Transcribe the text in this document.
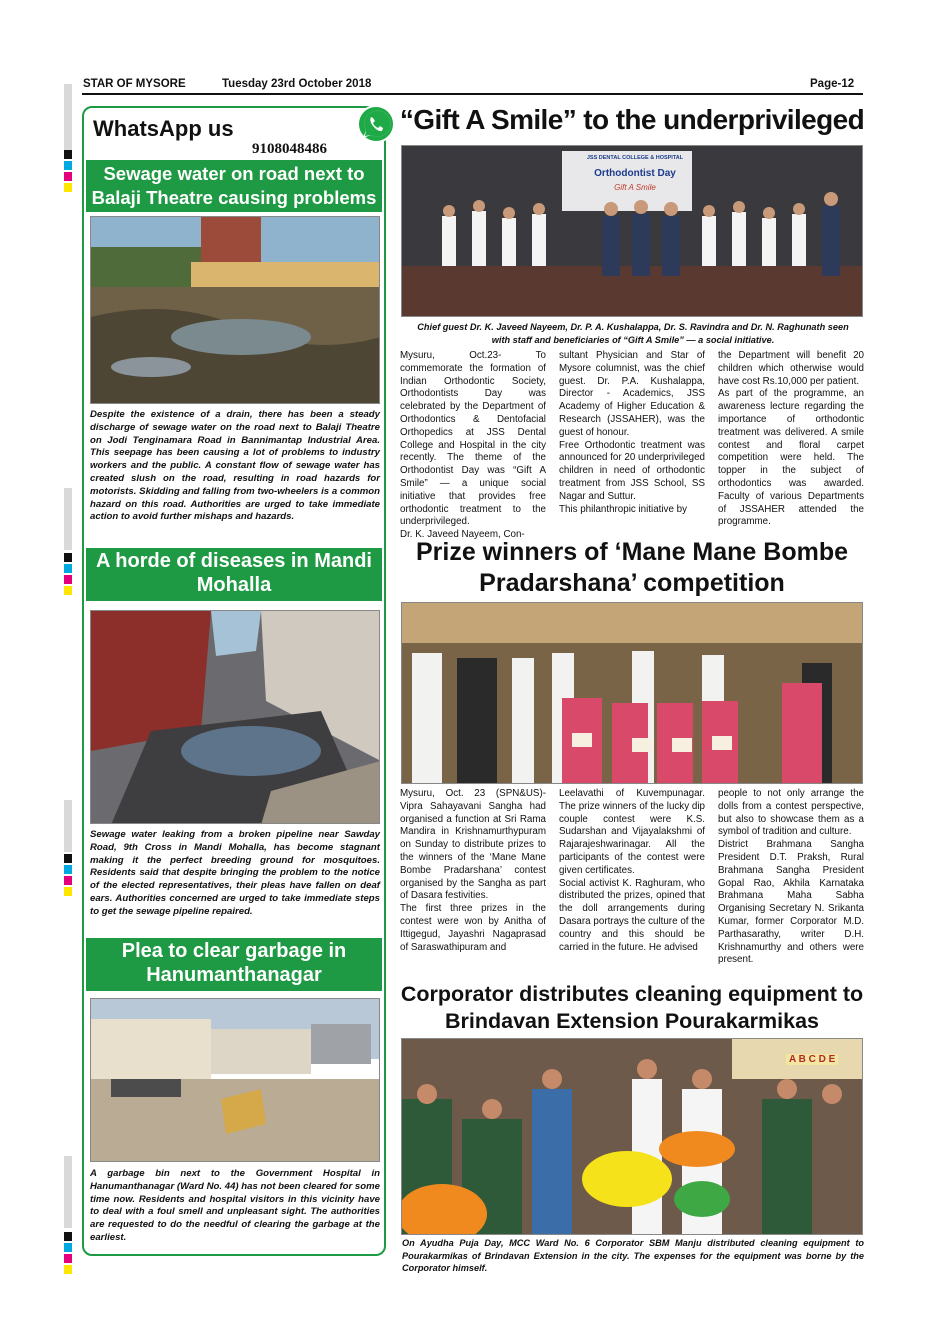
STAR OF MYSORE	Tuesday 23rd October 2018	Page-12
WhatsApp us
9108048486
Sewage water on road next to Balaji Theatre causing problems
Despite the existence of a drain, there has been a steady discharge of sewage water on the road next to Balaji Theatre on Jodi Tenginamara Road in Bannimantap Industrial Area. This seepage has been causing a lot of problems to industry workers and the public. A constant flow of sewage water has created slush on the road, resulting in road hazards for motorists. Skidding and falling from two-wheelers is a common hazard on this road. Authorities are urged to take immediate action to avoid further mishaps and hazards.
A horde of diseases in Mandi Mohalla
Sewage water leaking from a broken pipeline near Sawday Road, 9th Cross in Mandi Mohalla, has become stagnant making it the perfect breeding ground for mosquitoes. Residents said that despite bringing the problem to the notice of the elected representatives, their pleas have fallen on deaf ears. Authorities concerned are urged to take immediate steps to get the sewage pipeline repaired.
Plea to clear garbage in Hanumanthanagar
A garbage bin next to the Government Hospital in Hanumanthanagar (Ward No. 44) has not been cleared for some time now. Residents and hospital visitors in this vicinity have to deal with a foul smell and unpleasant sight. The authorities are requested to do the needful of clearing the garbage at the earliest.
“Gift A Smile” to the underprivileged
JSS DENTAL COLLEGE & HOSPITAL
Orthodontist Day
Gift A Smile
Chief guest Dr. K. Javeed Nayeem, Dr. P. A. Kushalappa, Dr. S. Ravindra and Dr. N. Raghunath seen with staff and beneficiaries of “Gift A Smile” — a social initiative.
Mysuru, Oct.23- To commemorate the formation of Indian Orthodontic Society, Orthodontists Day was celebrated by the Department of Orthodontics & Dentofacial Orthopedics at JSS Dental College and Hospital in the city recently. The theme of the Orthodontist Day was “Gift A Smile” — a unique social initiative that provides free orthodontic treatment to the underprivileged.
Dr. K. Javeed Nayeem, Con-
sultant Physician and Star of Mysore columnist, was the chief guest. Dr. P.A. Kushalappa, Director - Academics, JSS Academy of Higher Education & Research (JSSAHER), was the guest of honour.
Free Orthodontic treatment was announced for 20 underprivileged children in need of orthodontic treatment from JSS School, SS Nagar and Suttur.
This philanthropic initiative by
the Department will benefit 20 children which otherwise would have cost Rs.10,000 per patient.
As part of the programme, an awareness lecture regarding the importance of orthodontic treatment was delivered. A smile contest and floral carpet competition were held. The topper in the subject of orthodontics was awarded. Faculty of various Departments of JSSAHER attended the programme.
Prize winners of ‘Mane Mane Bombe Pradarshana’ competition
Mysuru, Oct. 23 (SPN&US)- Vipra Sahayavani Sangha had organised a function at Sri Rama Mandira in Krishnamurthypuram on Sunday to distribute prizes to the winners of the ‘Mane Mane Bombe Pradarshana’ contest organised by the Sangha as part of Dasara festivities.
The first three prizes in the contest were won by Anitha of Ittigegud, Jayashri Nagaprasad of Saraswathipuram and
Leelavathi of Kuvempunagar. The prize winners of the lucky dip couple contest were K.S. Sudarshan and Vijayalakshmi of Rajarajeshwarinagar. All the participants of the contest were given certificates.
Social activist K. Raghuram, who distributed the prizes, opined that the doll arrangements during Dasara portrays the culture of the country and this should be carried in the future. He advised
people to not only arrange the dolls from a contest perspective, but also to showcase them as a symbol of tradition and culture.
District Brahmana Sangha President D.T. Praksh, Rural Brahmana Sangha President Gopal Rao, Akhila Karnataka Brahmana Maha Sabha Organising Secretary N. Srikanta Kumar, former Corporator M.D. Parthasarathy, writer D.H. Krishnamurthy and others were present.
Corporator distributes cleaning equipment to Brindavan Extension Pourakarmikas
A B C D E
On Ayudha Puja Day, MCC Ward No. 6 Corporator SBM Manju distributed cleaning equipment to Pourakarmikas of Brindavan Extension in the city. The expenses for the equipment was borne by the Corporator himself.
